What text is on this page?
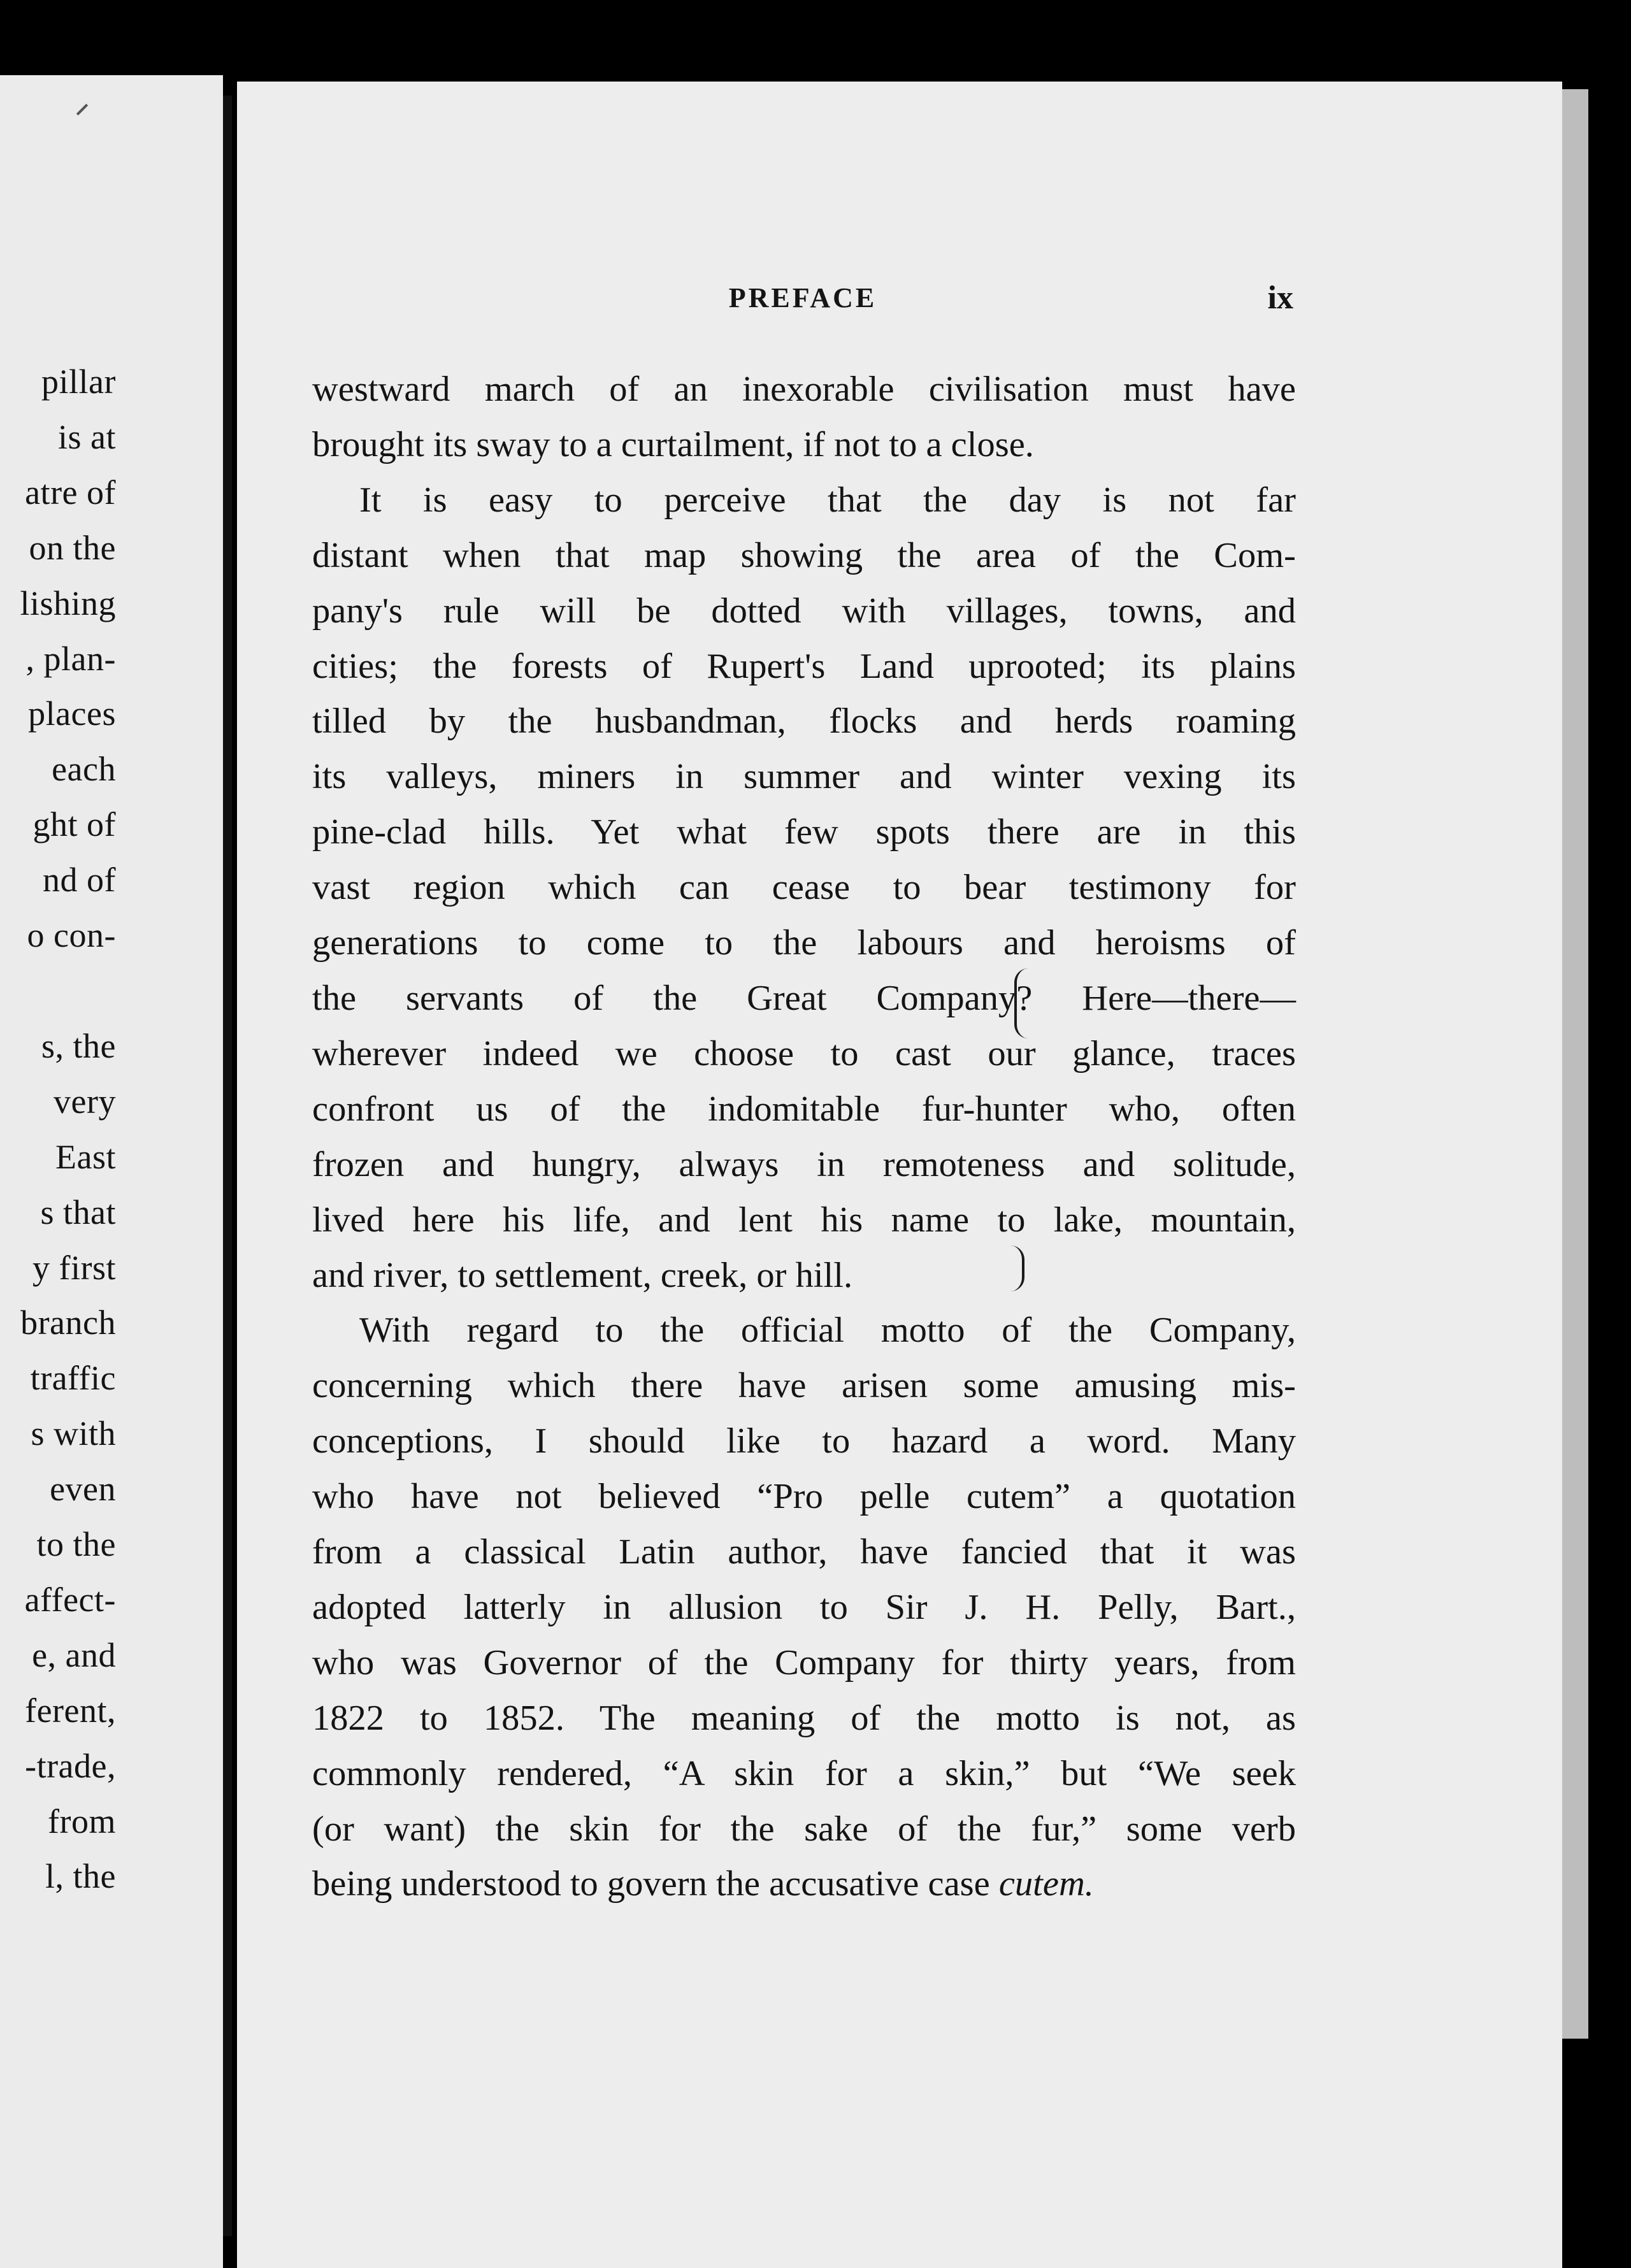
pillar
is at
atre of
on the
lishing
, plan-
places
each
ght of
nd of
o con-

s, the
very
East
s that
y first
branch
traffic
s with
even
to the
affect-
e, and
ferent,
-trade,
from
l, the
PREFACE	ix
westward march of an inexorable civilisation must have
brought its sway to a curtailment, if not to a close.
It is easy to perceive that the day is not far
distant when that map showing the area of the Com-
pany's rule will be dotted with villages, towns, and
cities; the forests of Rupert's Land uprooted; its plains
tilled by the husbandman, flocks and herds roaming
its valleys, miners in summer and winter vexing its
pine-clad hills. Yet what few spots there are in this
vast region which can cease to bear testimony for
generations to come to the labours and heroisms of
the servants of the Great Company? Here—there—
wherever indeed we choose to cast our glance, traces
confront us of the indomitable fur-hunter who, often
frozen and hungry, always in remoteness and solitude,
lived here his life, and lent his name to lake, mountain,
and river, to settlement, creek, or hill.
With regard to the official motto of the Company,
concerning which there have arisen some amusing mis-
conceptions, I should like to hazard a word. Many
who have not believed “Pro pelle cutem” a quotation
from a classical Latin author, have fancied that it was
adopted latterly in allusion to Sir J. H. Pelly, Bart.,
who was Governor of the Company for thirty years, from
1822 to 1852. The meaning of the motto is not, as
commonly rendered, “A skin for a skin,” but “We seek
(or want) the skin for the sake of the fur,” some verb
being understood to govern the accusative case cutem.
